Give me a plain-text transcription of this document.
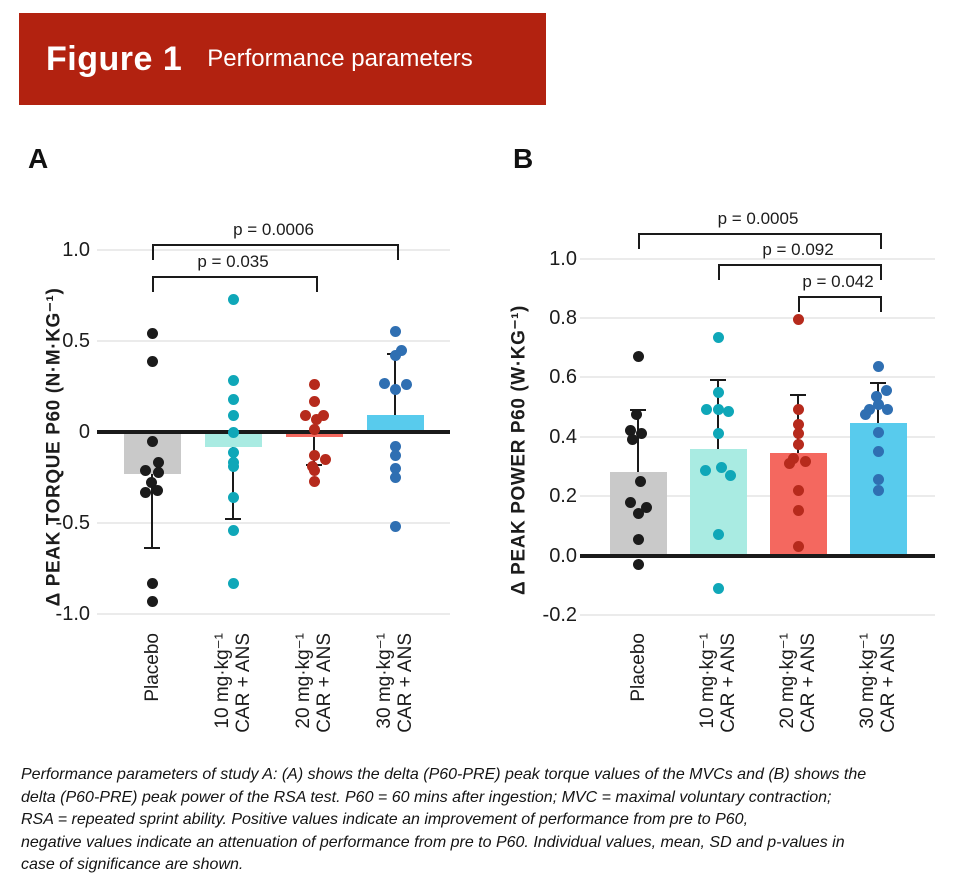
Figure 1 Performance parameters
Performance parameters of study A: (A) shows the delta (P60-PRE) peak torque values of the MVCs and (B) shows the
delta (P60-PRE) peak power of the RSA test. P60 = 60 mins after ingestion; MVC = maximal voluntary contraction;
RSA = repeated sprint ability. Positive values indicate an improvement of performance from pre to P60,
negative values indicate an attenuation of performance from pre to P60. Individual values, mean, SD and p-values in
case of significance are shown.
A
p = 0.035
p = 0.0006
1.0
0.5
0
-0.5
-1.0
Δ PEAK TORQUE P60 (N·M·KG⁻¹)
Placebo	10 mg·kg⁻¹ CAR + ANS 20 mg·kg⁻¹ CAR + ANS 30 mg·kg⁻¹ CAR + ANS
B
p = 0.042
p = 0.092
p = 0.0005
1.0
0.8
0.6
0.4
0.2
0.0
-0.2
Δ PEAK POWER P60 (W·KG⁻¹)
Placebo	10 mg·kg⁻¹ CAR + ANS 20 mg·kg⁻¹ CAR + ANS 30 mg·kg⁻¹ CAR + ANS
